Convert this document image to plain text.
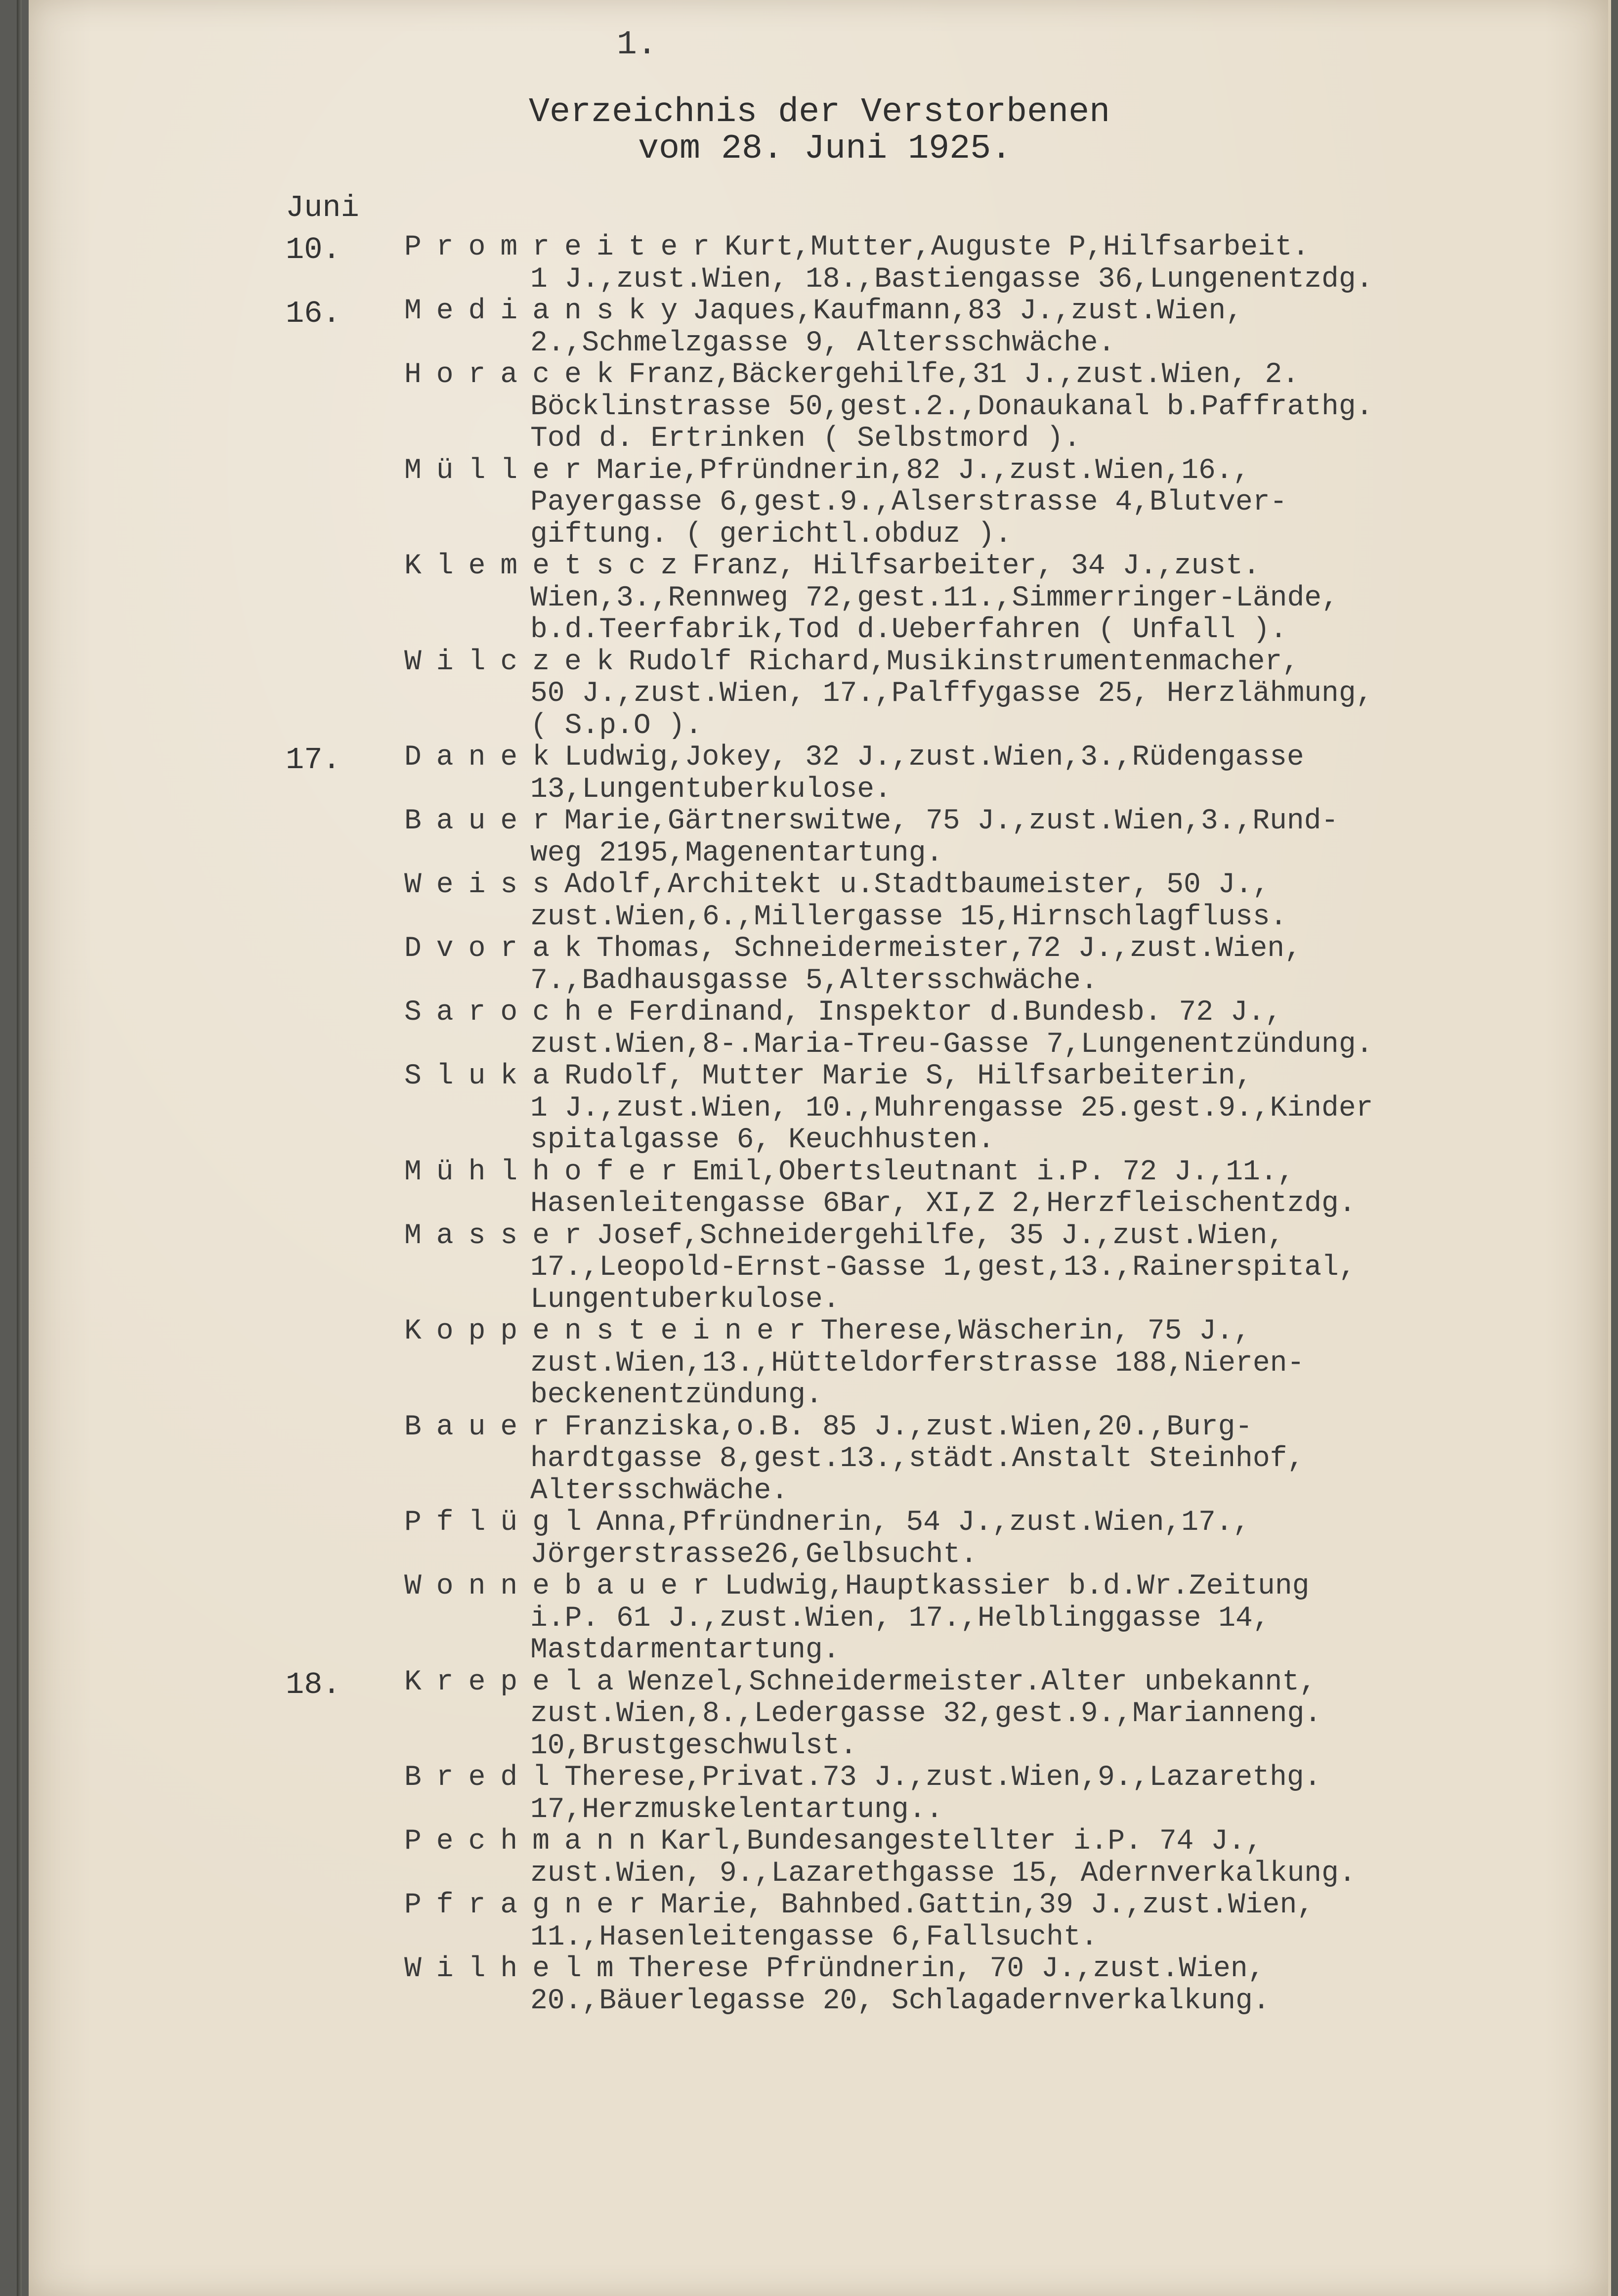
1.
Verzeichnis der Verstorbenen
vom 28. Juni 1925.
Juni
10. PromreiterKurt,Mutter,Auguste P,Hilfsarbeit.
1 J.,zust.Wien, 18.,Bastiengasse 36,Lungenentzdg.
16. MedianskyJaques,Kaufmann,83 J.,zust.Wien,
2.,Schmelzgasse 9, Altersschwäche.
HoracekFranz,Bäckergehilfe,31 J.,zust.Wien, 2.
Böcklinstrasse 50,gest.2.,Donaukanal b.Paffrathg.
Tod d. Ertrinken ( Selbstmord ).
MüllerMarie,Pfründnerin,82 J.,zust.Wien,16.,
Payergasse 6,gest.9.,Alserstrasse 4,Blutver-
giftung. ( gerichtl.obduz ).
KlemetsczFranz, Hilfsarbeiter, 34 J.,zust.
Wien,3.,Rennweg 72,gest.11.,Simmerringer-Lände,
b.d.Teerfabrik,Tod d.Ueberfahren ( Unfall ).
WilczekRudolf Richard,Musikinstrumentenmacher,
50 J.,zust.Wien, 17.,Palffygasse 25, Herzlähmung,
( S.p.O ).
17. DanekLudwig,Jokey, 32 J.,zust.Wien,3.,Rüdengasse
13,Lungentuberkulose.
BauerMarie,Gärtnerswitwe, 75 J.,zust.Wien,3.,Rund-
weg 2195,Magenentartung.
WeissAdolf,Architekt u.Stadtbaumeister, 50 J.,
zust.Wien,6.,Millergasse 15,Hirnschlagfluss.
DvorakThomas, Schneidermeister,72 J.,zust.Wien,
7.,Badhausgasse 5,Altersschwäche.
SarocheFerdinand, Inspektor d.Bundesb. 72 J.,
zust.Wien,8-.Maria-Treu-Gasse 7,Lungenentzündung.
SlukaRudolf, Mutter Marie S, Hilfsarbeiterin,
1 J.,zust.Wien, 10.,Muhrengasse 25.gest.9.,Kinder
spitalgasse 6, Keuchhusten.
MühlhoferEmil,Obertsleutnant i.P. 72 J.,11.,
Hasenleitengasse 6Bar, XI,Z 2,Herzfleischentzdg.
MasserJosef,Schneidergehilfe, 35 J.,zust.Wien,
17.,Leopold-Ernst-Gasse 1,gest,13.,Rainerspital,
Lungentuberkulose.
KoppensteinerTherese,Wäscherin, 75 J.,
zust.Wien,13.,Hütteldorferstrasse 188,Nieren-
beckenentzündung.
BauerFranziska,o.B. 85 J.,zust.Wien,20.,Burg-
hardtgasse 8,gest.13.,städt.Anstalt Steinhof,
Altersschwäche.
PflüglAnna,Pfründnerin, 54 J.,zust.Wien,17.,
Jörgerstrasse26,Gelbsucht.
WonnebauerLudwig,Hauptkassier b.d.Wr.Zeitung
i.P. 61 J.,zust.Wien, 17.,Helblinggasse 14,
Mastdarmentartung.
18. KrepelaWenzel,Schneidermeister.Alter unbekannt,
zust.Wien,8.,Ledergasse 32,gest.9.,Marianneng.
10,Brustgeschwulst.
BredlTherese,Privat.73 J.,zust.Wien,9.,Lazarethg.
17,Herzmuskelentartung..
PechmannKarl,Bundesangestellter i.P. 74 J.,
zust.Wien, 9.,Lazarethgasse 15, Adernverkalkung.
PfragnerMarie, Bahnbed.Gattin,39 J.,zust.Wien,
11.,Hasenleitengasse 6,Fallsucht.
WilhelmTherese Pfründnerin, 70 J.,zust.Wien,
20.,Bäuerlegasse 20, Schlagadernverkalkung.
